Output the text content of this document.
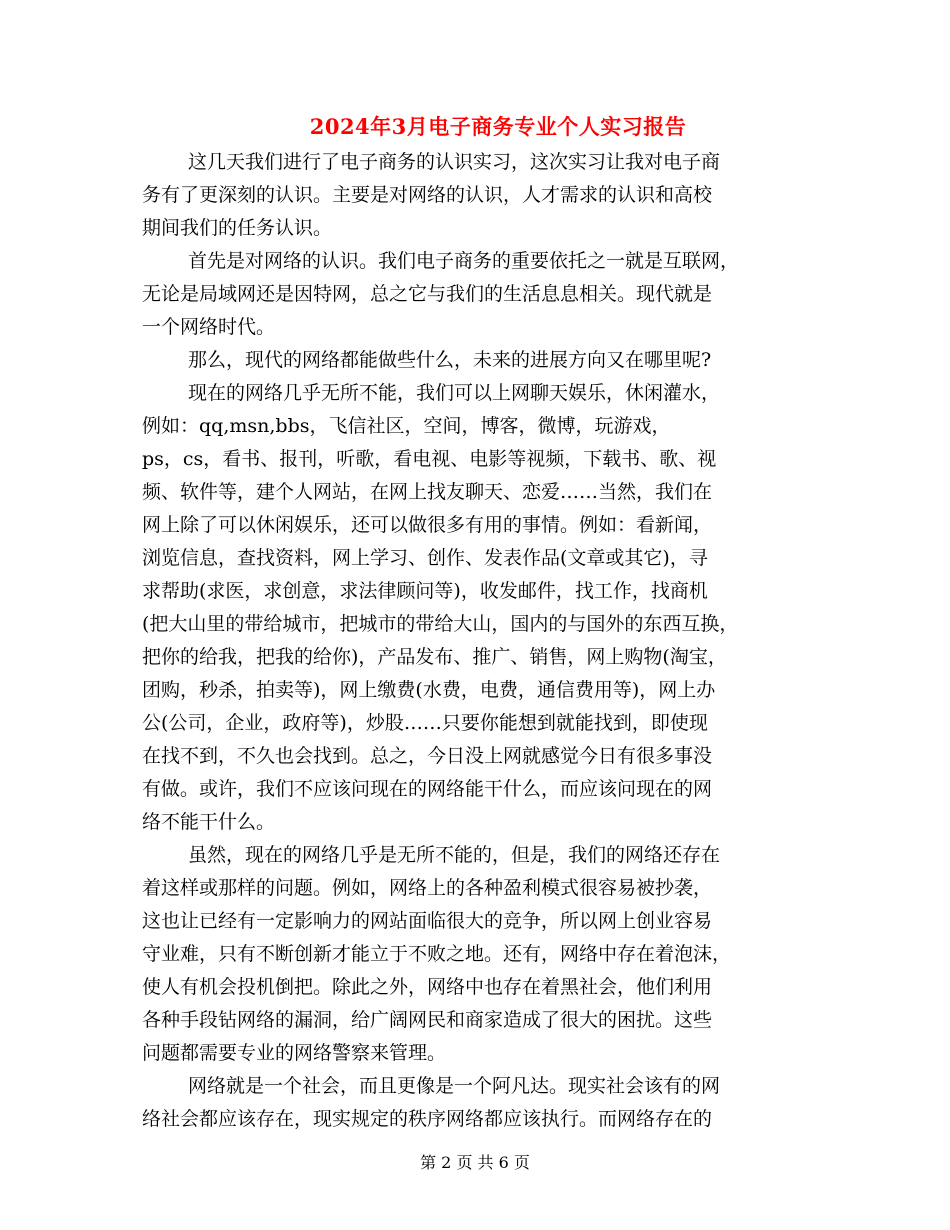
2024年3月电子商务专业个人实习报告
这几天我们进行了电子商务的认识实习，这次实习让我对电子商
务有了更深刻的认识。主要是对网络的认识，人才需求的认识和高校
期间我们的任务认识。
首先是对网络的认识。我们电子商务的重要依托之一就是互联网，
无论是局域网还是因特网，总之它与我们的生活息息相关。现代就是
一个网络时代。
那么，现代的网络都能做些什么，未来的进展方向又在哪里呢?
现在的网络几乎无所不能，我们可以上网聊天娱乐，休闲灌水，
例如：qq,msn,bbs，飞信社区，空间，博客，微博，玩游戏，
ps，cs，看书、报刊，听歌，看电视、电影等视频，下载书、歌、视
频、软件等，建个人网站，在网上找友聊天、恋爱……当然，我们在
网上除了可以休闲娱乐，还可以做很多有用的事情。例如：看新闻，
浏览信息，查找资料，网上学习、创作、发表作品(文章或其它)，寻
求帮助(求医，求创意，求法律顾问等)，收发邮件，找工作，找商机
(把大山里的带给城市，把城市的带给大山，国内的与国外的东西互换，
把你的给我，把我的给你)，产品发布、推广、销售，网上购物(淘宝，
团购，秒杀，拍卖等)，网上缴费(水费，电费，通信费用等)，网上办
公(公司，企业，政府等)，炒股……只要你能想到就能找到，即使现
在找不到，不久也会找到。总之，今日没上网就感觉今日有很多事没
有做。或许，我们不应该问现在的网络能干什么，而应该问现在的网
络不能干什么。
虽然，现在的网络几乎是无所不能的，但是，我们的网络还存在
着这样或那样的问题。例如，网络上的各种盈利模式很容易被抄袭，
这也让已经有一定影响力的网站面临很大的竞争，所以网上创业容易
守业难，只有不断创新才能立于不败之地。还有，网络中存在着泡沫，
使人有机会投机倒把。除此之外，网络中也存在着黑社会，他们利用
各种手段钻网络的漏洞，给广阔网民和商家造成了很大的困扰。这些
问题都需要专业的网络警察来管理。
网络就是一个社会，而且更像是一个阿凡达。现实社会该有的网
络社会都应该存在，现实规定的秩序网络都应该执行。而网络存在的
第 2 页 共 6 页
